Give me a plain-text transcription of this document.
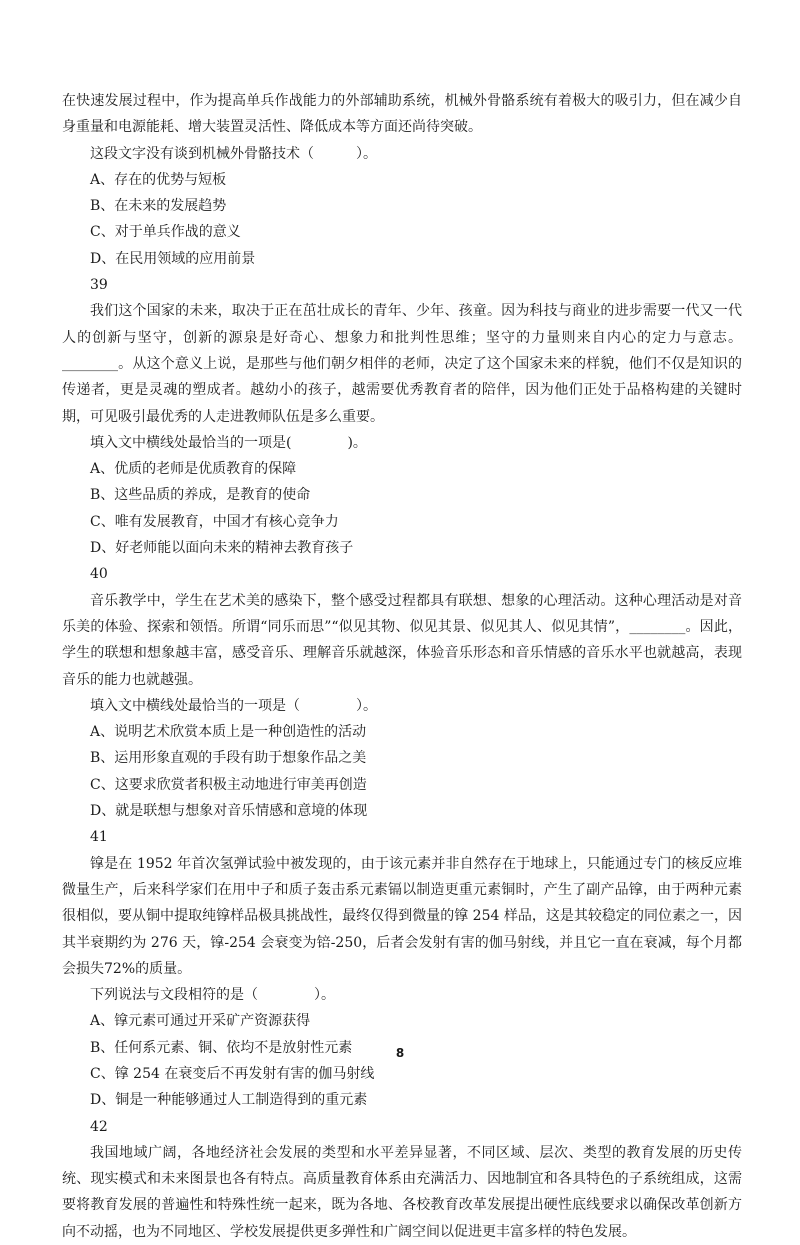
在快速发展过程中，作为提高单兵作战能力的外部辅助系统，机械外骨骼系统有着极大的吸引力，但在减少自身重量和电源能耗、增大装置灵活性、降低成本等方面还尚待突破。

这段文字没有谈到机械外骨骼技术（　　　）。

A、存在的优势与短板

B、在未来的发展趋势

C、对于单兵作战的意义

D、在民用领域的应用前景

39

我们这个国家的未来，取决于正在茁壮成长的青年、少年、孩童。因为科技与商业的进步需要一代又一代人的创新与坚守，创新的源泉是好奇心、想象力和批判性思维；坚守的力量则来自内心的定力与意志。________。从这个意义上说，是那些与他们朝夕相伴的老师，决定了这个国家未来的样貌，他们不仅是知识的传递者，更是灵魂的塑成者。越幼小的孩子，越需要优秀教育者的陪伴，因为他们正处于品格构建的关键时期，可见吸引最优秀的人走进教师队伍是多么重要。

填入文中横线处最恰当的一项是(　　　　)。

A、优质的老师是优质教育的保障

B、这些品质的养成，是教育的使命

C、唯有发展教育，中国才有核心竞争力

D、好老师能以面向未来的精神去教育孩子

40

音乐教学中，学生在艺术美的感染下，整个感受过程都具有联想、想象的心理活动。这种心理活动是对音乐美的体验、探索和领悟。所谓“同乐而思”“似见其物、似见其景、似见其人、似见其情”，________。因此，学生的联想和想象越丰富，感受音乐、理解音乐就越深，体验音乐形态和音乐情感的音乐水平也就越高，表现音乐的能力也就越强。

填入文中横线处最恰当的一项是（　　　　）。

A、说明艺术欣赏本质上是一种创造性的活动

B、运用形象直观的手段有助于想象作品之美

C、这要求欣赏者积极主动地进行审美再创造

D、就是联想与想象对音乐情感和意境的体现

41

镎是在 1952 年首次氢弹试验中被发现的，由于该元素并非自然存在于地球上，只能通过专门的核反应堆微量生产，后来科学家们在用中子和质子轰击系元素镉以制造更重元素铜时，产生了副产品镎，由于两种元素很相似，要从铜中提取纯镎样品极具挑战性，最终仅得到微量的镎 254 样品，这是其较稳定的同位素之一，因其半衰期约为 276 天，镎-254 会衰变为锫-250，后者会发射有害的伽马射线，并且它一直在衰减，每个月都会损失72%的质量。

下列说法与文段相符的是（　　　　）。

A、镎元素可通过开采矿产资源获得

B、任何系元素、铜、依均不是放射性元素

C、镎 254 在衰变后不再发射有害的伽马射线

D、铜是一种能够通过人工制造得到的重元素

42

我国地域广阔，各地经济社会发展的类型和水平差异显著，不同区域、层次、类型的教育发展的历史传统、现实模式和未来图景也各有特点。高质量教育体系由充满活力、因地制宜和各具特色的子系统组成，这需要将教育发展的普遍性和特殊性统一起来，既为各地、各校教育改革发展提出硬性底线要求以确保改革创新方向不动摇，也为不同地区、学校发展提供更多弹性和广阔空间以促进更丰富多样的特色发展。

8
